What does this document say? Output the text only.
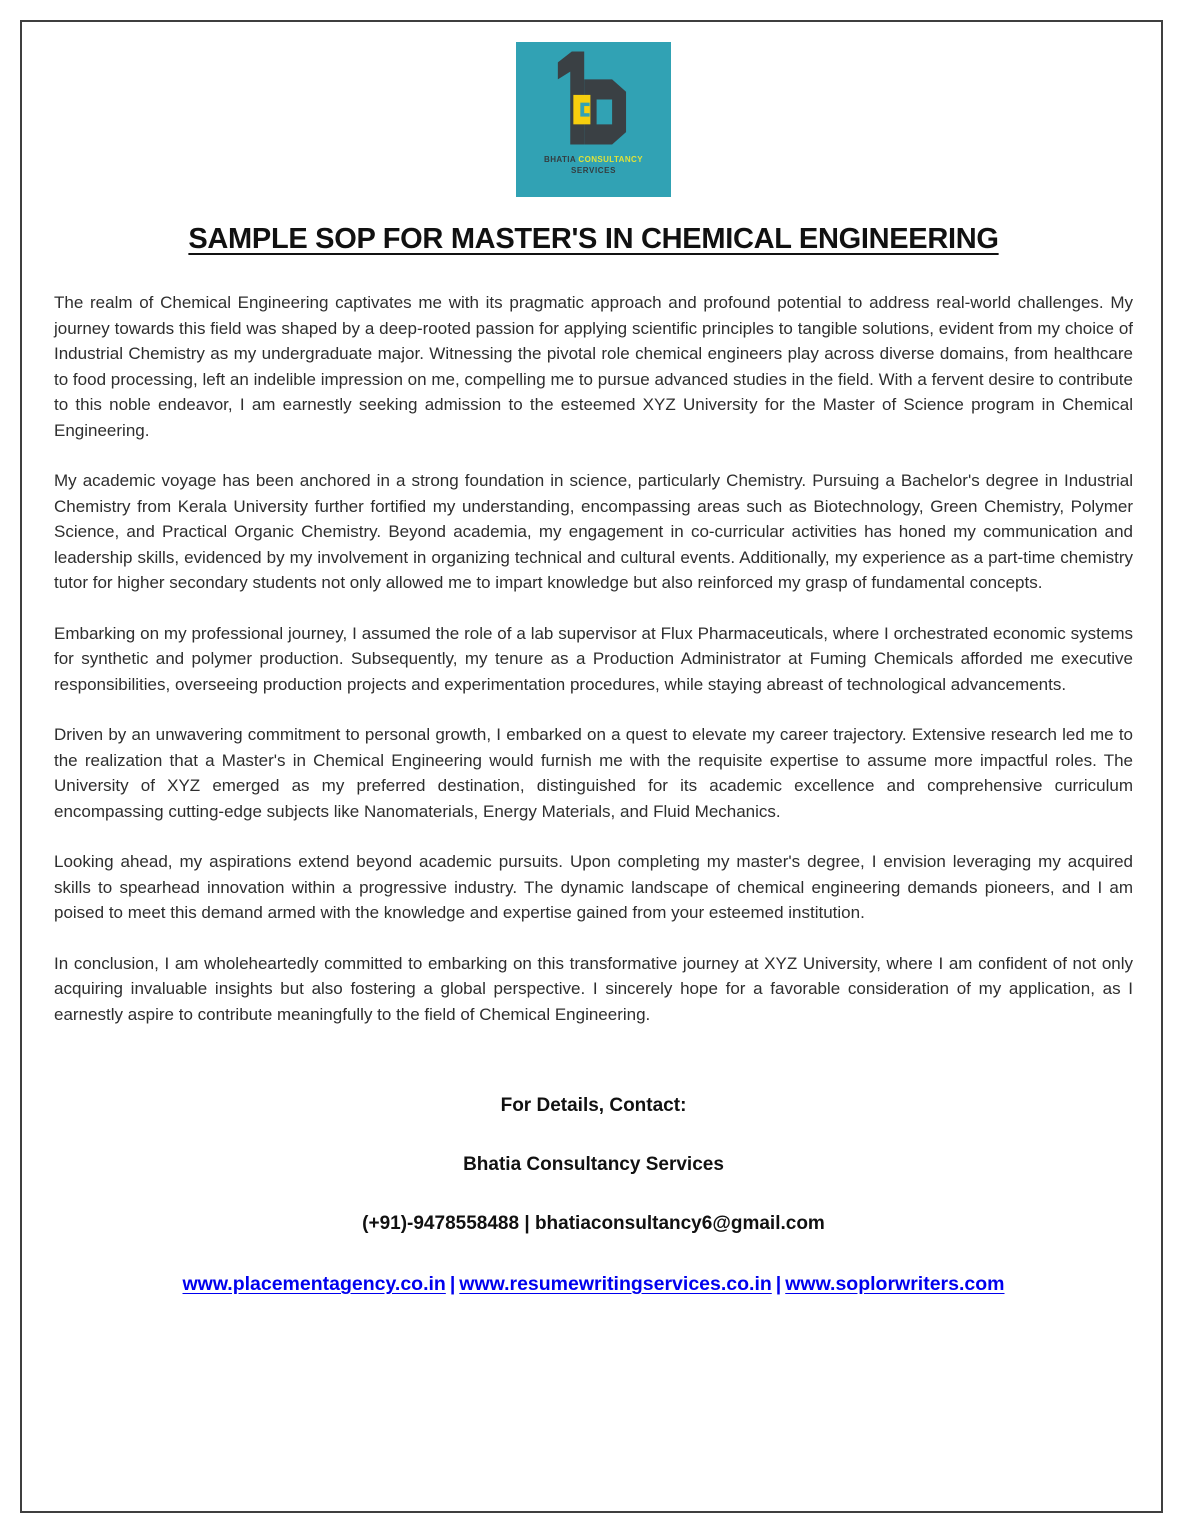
BHATIA CONSULTANCY
SERVICES
SAMPLE SOP FOR MASTER'S IN CHEMICAL ENGINEERING

The realm of Chemical Engineering captivates me with its pragmatic approach and profound potential to address real-world challenges. My journey towards this field was shaped by a deep-rooted passion for applying scientific principles to tangible solutions, evident from my choice of Industrial Chemistry as my undergraduate major. Witnessing the pivotal role chemical engineers play across diverse domains, from healthcare to food processing, left an indelible impression on me, compelling me to pursue advanced studies in the field. With a fervent desire to contribute to this noble endeavor, I am earnestly seeking admission to the esteemed XYZ University for the Master of Science program in Chemical Engineering.

My academic voyage has been anchored in a strong foundation in science, particularly Chemistry. Pursuing a Bachelor's degree in Industrial Chemistry from Kerala University further fortified my understanding, encompassing areas such as Biotechnology, Green Chemistry, Polymer Science, and Practical Organic Chemistry. Beyond academia, my engagement in co-curricular activities has honed my communication and leadership skills, evidenced by my involvement in organizing technical and cultural events. Additionally, my experience as a part-time chemistry tutor for higher secondary students not only allowed me to impart knowledge but also reinforced my grasp of fundamental concepts.

Embarking on my professional journey, I assumed the role of a lab supervisor at Flux Pharmaceuticals, where I orchestrated economic systems for synthetic and polymer production. Subsequently, my tenure as a Production Administrator at Fuming Chemicals afforded me executive responsibilities, overseeing production projects and experimentation procedures, while staying abreast of technological advancements.

Driven by an unwavering commitment to personal growth, I embarked on a quest to elevate my career trajectory. Extensive research led me to the realization that a Master's in Chemical Engineering would furnish me with the requisite expertise to assume more impactful roles. The University of XYZ emerged as my preferred destination, distinguished for its academic excellence and comprehensive curriculum encompassing cutting-edge subjects like Nanomaterials, Energy Materials, and Fluid Mechanics.

Looking ahead, my aspirations extend beyond academic pursuits. Upon completing my master's degree, I envision leveraging my acquired skills to spearhead innovation within a progressive industry. The dynamic landscape of chemical engineering demands pioneers, and I am poised to meet this demand armed with the knowledge and expertise gained from your esteemed institution.

In conclusion, I am wholeheartedly committed to embarking on this transformative journey at XYZ University, where I am confident of not only acquiring invaluable insights but also fostering a global perspective. I sincerely hope for a favorable consideration of my application, as I earnestly aspire to contribute meaningfully to the field of Chemical Engineering.

For Details, Contact:
Bhatia Consultancy Services
(+91)-9478558488 | bhatiaconsultancy6@gmail.com
www.placementagency.co.in | www.resumewritingservices.co.in | www.soplorwriters.com
